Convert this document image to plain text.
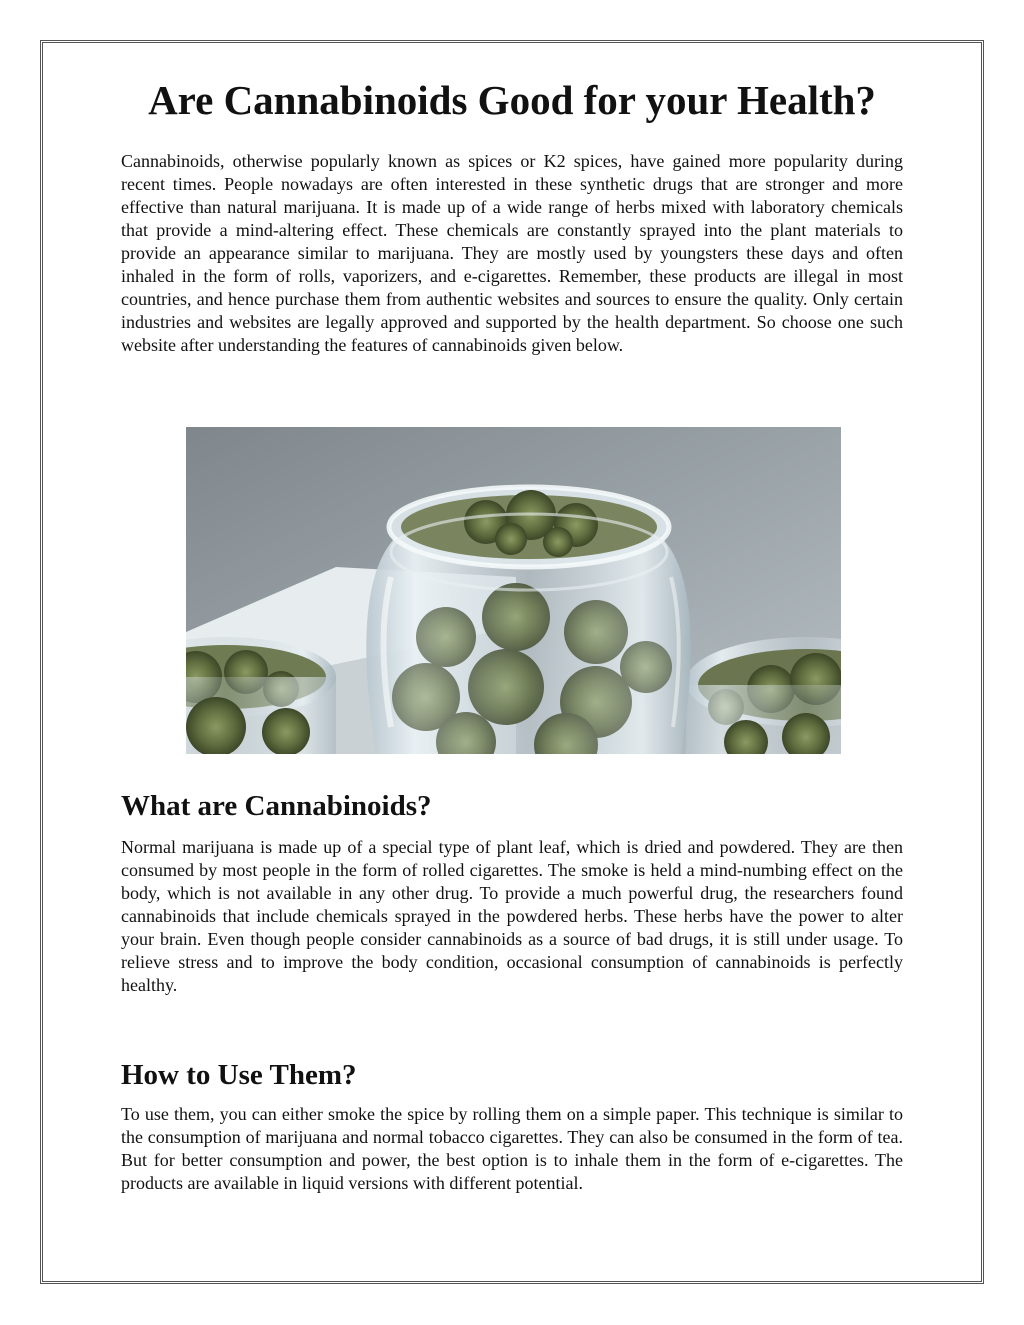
Are Cannabinoids Good for your Health?

Cannabinoids, otherwise popularly known as spices or K2 spices, have gained more popularity during recent times. People nowadays are often interested in these synthetic drugs that are stronger and more effective than natural marijuana. It is made up of a wide range of herbs mixed with laboratory chemicals that provide a mind-altering effect. These chemicals are constantly sprayed into the plant materials to provide an appearance similar to marijuana. They are mostly used by youngsters these days and often inhaled in the form of rolls, vaporizers, and e-cigarettes. Remember, these products are illegal in most countries, and hence purchase them from authentic websites and sources to ensure the quality. Only certain industries and websites are legally approved and supported by the health department. So choose one such website after understanding the features of cannabinoids given below.

What are Cannabinoids?

Normal marijuana is made up of a special type of plant leaf, which is dried and powdered. They are then consumed by most people in the form of rolled cigarettes. The smoke is held a mind-numbing effect on the body, which is not available in any other drug. To provide a much powerful drug, the researchers found cannabinoids that include chemicals sprayed in the powdered herbs. These herbs have the power to alter your brain. Even though people consider cannabinoids as a source of bad drugs, it is still under usage. To relieve stress and to improve the body condition, occasional consumption of cannabinoids is perfectly healthy.

How to Use Them?

To use them, you can either smoke the spice by rolling them on a simple paper. This technique is similar to the consumption of marijuana and normal tobacco cigarettes. They can also be consumed in the form of tea. But for better consumption and power, the best option is to inhale them in the form of e-cigarettes. The products are available in liquid versions with different potential.
